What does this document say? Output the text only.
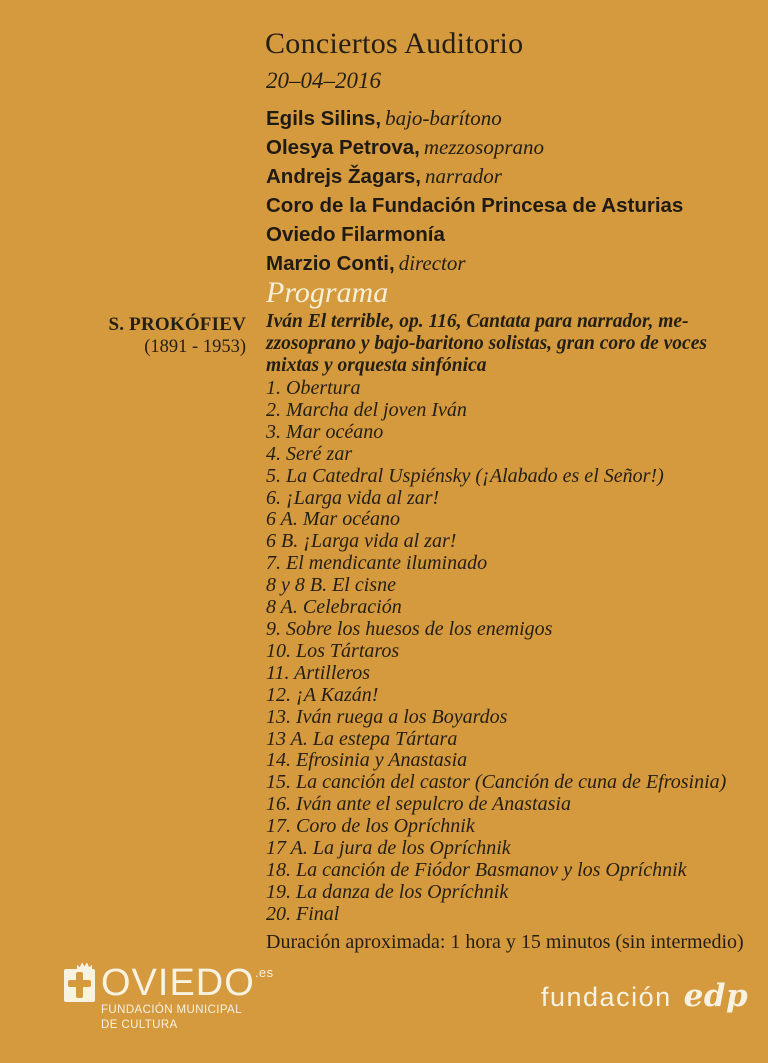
Conciertos Auditorio
20–04–2016
Egils Silins, bajo-barítono
Olesya Petrova, mezzosoprano
Andrejs Žagars, narrador
Coro de la Fundación Princesa de Asturias
Oviedo Filarmonía
Marzio Conti, director
Programa
S. PROKÓFIEV
(1891 - 1953)
Iván El terrible, op. 116, Cantata para narrador, me-
zzosoprano y bajo-baritono solistas, gran coro de voces
mixtas y orquesta sinfónica
1. Obertura
2. Marcha del joven Iván
3. Mar océano
4. Seré zar
5. La Catedral Uspiénsky (¡Alabado es el Señor!)
6. ¡Larga vida al zar!
6 A. Mar océano
6 B. ¡Larga vida al zar!
7. El mendicante iluminado
8 y 8 B. El cisne
8 A. Celebración
9. Sobre los huesos de los enemigos
10. Los Tártaros
11. Artilleros
12. ¡A Kazán!
13. Iván ruega a los Boyardos
13 A. La estepa Tártara
14. Efrosinia y Anastasia
15. La canción del castor (Canción de cuna de Efrosinia)
16. Iván ante el sepulcro de Anastasia
17. Coro de los Opríchnik
17 A. La jura de los Opríchnik
18. La canción de Fiódor Basmanov y los Opríchnik
19. La danza de los Opríchnik
20. Final
Duración aproximada: 1 hora y 15 minutos (sin intermedio)
$OVIEDO^{.es}$
FUNDACIÓN MUNICIPAL
DE CULTURA
fundación edp
